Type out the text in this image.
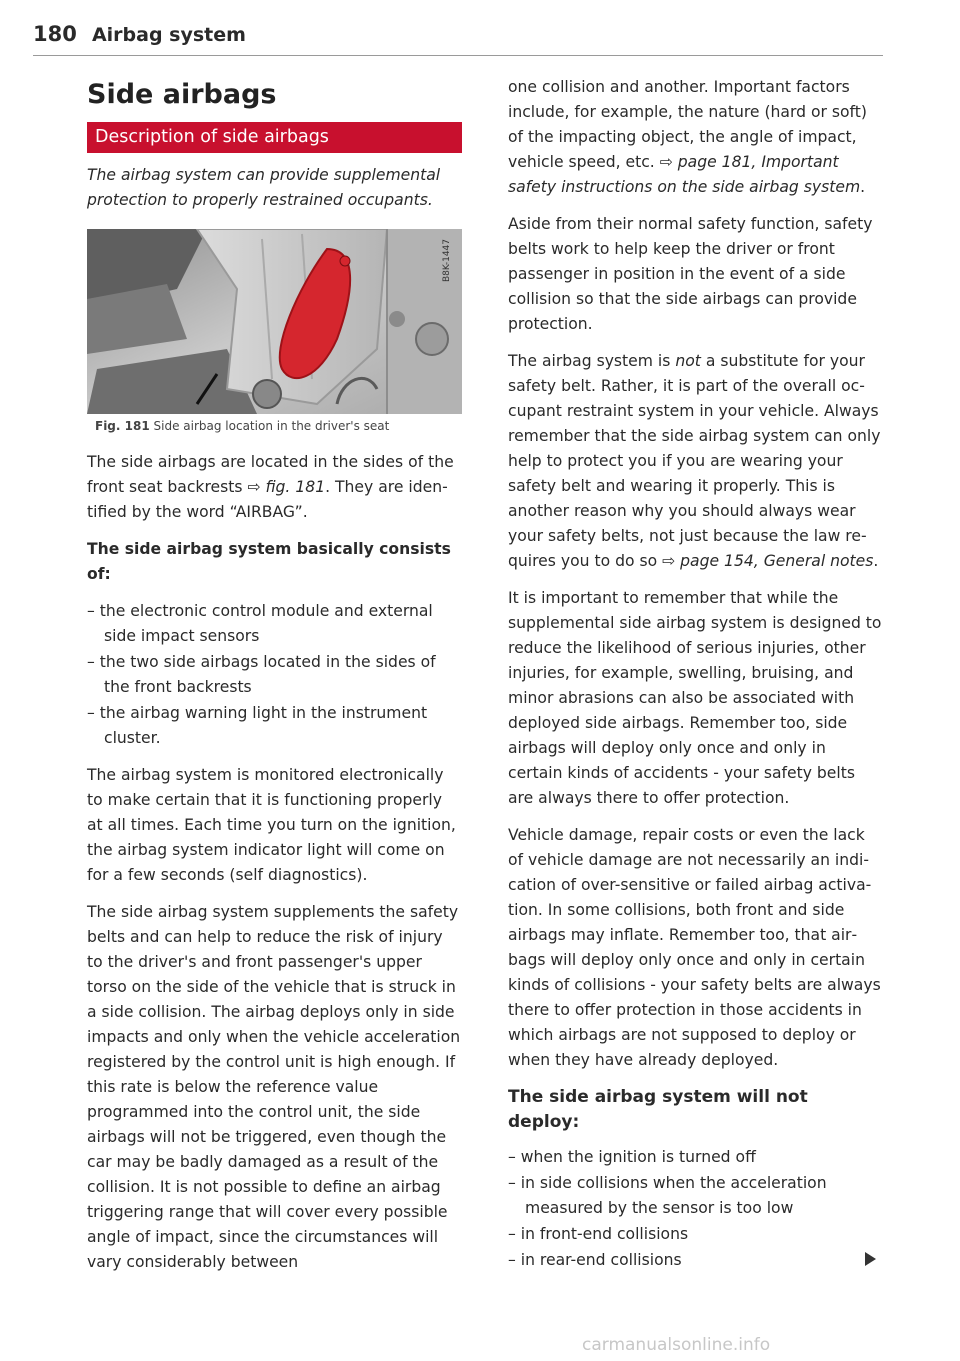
180 Airbag system
Side airbags
Description of side airbags

The airbag system can provide supplemental protection to properly restrained occupants.

B8K-1447

Fig. 181 Side airbag location in the driver's seat

The side airbags are located in the sides of the front seat backrests ⇨ fig. 181. They are identified by the word “AIRBAG”.

The side airbag system basically consists of:

– the electronic control module and external side impact sensors

– the two side airbags located in the sides of the front backrests

– the airbag warning light in the instrument cluster.

The airbag system is monitored electronically to make certain that it is functioning properly at all times. Each time you turn on the ignition, the airbag system indicator light will come on for a few seconds (self diagnostics).

The side airbag system supplements the safety belts and can help to reduce the risk of injury to the driver's and front passenger's upper torso on the side of the vehicle that is struck in a side collision. The airbag deploys only in side impacts and only when the vehicle acceleration registered by the control unit is high enough. If this rate is below the reference value programmed into the control unit, the side airbags will not be triggered, even though the car may be badly damaged as a result of the collision. It is not possible to define an airbag triggering range that will cover every possible angle of impact, since the circumstances will vary considerably between

one collision and another. Important factors include, for example, the nature (hard or soft) of the impacting object, the angle of impact, vehicle speed, etc. ⇨ page 181, Important safety instructions on the side airbag system.

Aside from their normal safety function, safety belts work to help keep the driver or front passenger in position in the event of a side collision so that the side airbags can provide protection.

The airbag system is not a substitute for your safety belt. Rather, it is part of the overall occupant restraint system in your vehicle. Always remember that the side airbag system can only help to protect you if you are wearing your safety belt and wearing it properly. This is another reason why you should always wear your safety belts, not just because the law requires you to do so ⇨ page 154, General notes.

It is important to remember that while the supplemental side airbag system is designed to reduce the likelihood of serious injuries, other injuries, for example, swelling, bruising, and minor abrasions can also be associated with deployed side airbags. Remember too, side airbags will deploy only once and only in certain kinds of accidents - your safety belts are always there to offer protection.

Vehicle damage, repair costs or even the lack of vehicle damage are not necessarily an indication of over-sensitive or failed airbag activation. In some collisions, both front and side airbags may inflate. Remember too, that airbags will deploy only once and only in certain kinds of collisions - your safety belts are always there to offer protection in those accidents in which airbags are not supposed to deploy or when they have already deployed.

The side airbag system will not deploy:

– when the ignition is turned off

– in side collisions when the acceleration measured by the sensor is too low

– in front-end collisions

– in rear-end collisions

carmanualsonline.info
